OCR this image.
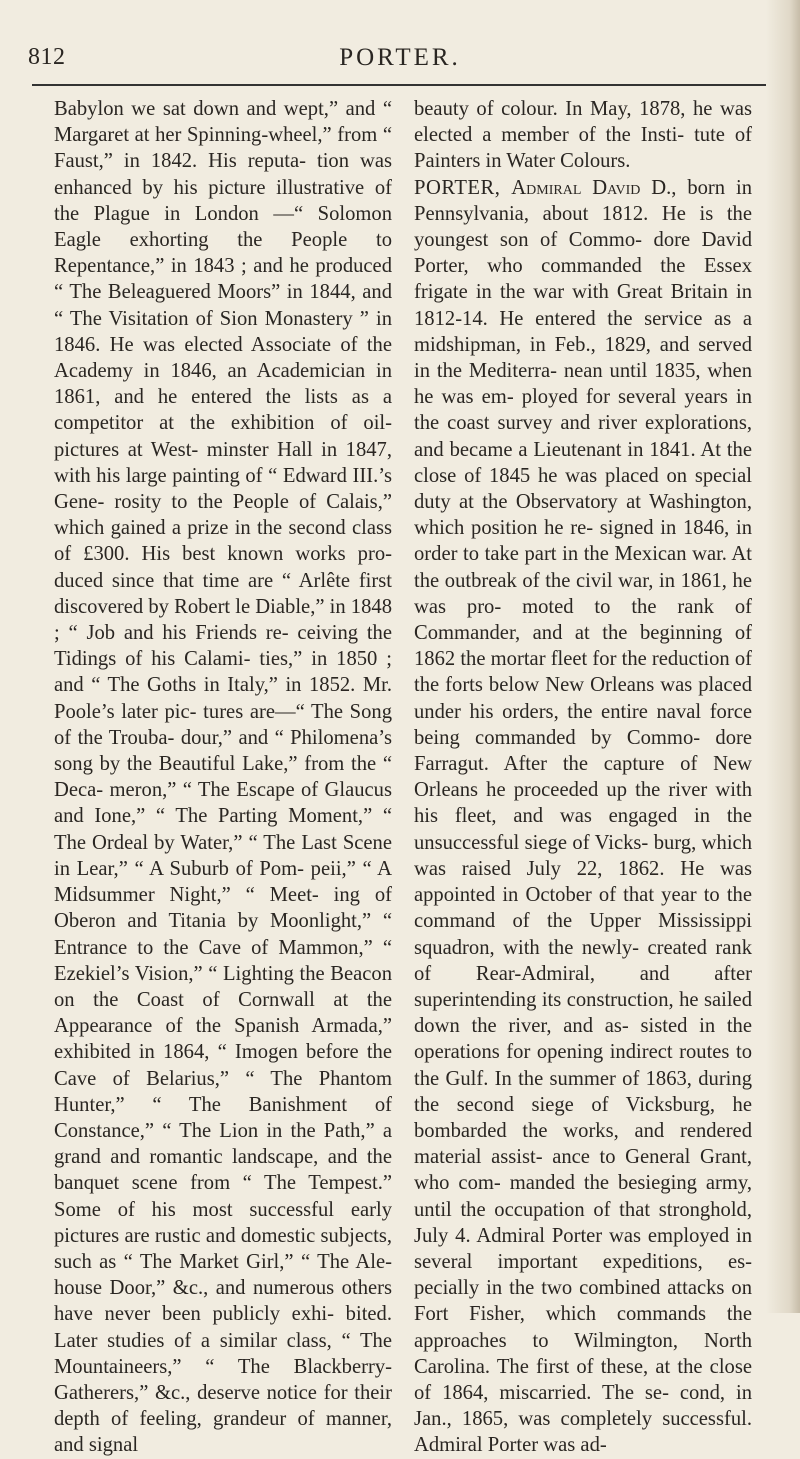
812	PORTER.

Babylon we sat down and wept,” and “ Margaret at her Spinning-wheel,” from “ Faust,” in 1842. His reputa- tion was enhanced by his picture illustrative of the Plague in London —“ Solomon Eagle exhorting the People to Repentance,” in 1843 ; and he produced “ The Beleaguered Moors” in 1844, and “ The Visitation of Sion Monastery ” in 1846. He was elected Associate of the Academy in 1846, an Academician in 1861, and he entered the lists as a competitor at the exhibition of oil-pictures at West- minster Hall in 1847, with his large painting of “ Edward III.’s Gene- rosity to the People of Calais,” which gained a prize in the second class of £300. His best known works pro- duced since that time are “ Arlête first discovered by Robert le Diable,” in 1848 ; “ Job and his Friends re- ceiving the Tidings of his Calami- ties,” in 1850 ; and “ The Goths in Italy,” in 1852. Mr. Poole’s later pic- tures are—“ The Song of the Trouba- dour,” and “ Philomena’s song by the Beautiful Lake,” from the “ Deca- meron,” “ The Escape of Glaucus and Ione,” “ The Parting Moment,” “ The Ordeal by Water,” “ The Last Scene in Lear,” “ A Suburb of Pom- peii,” “ A Midsummer Night,” “ Meet- ing of Oberon and Titania by Moonlight,” “ Entrance to the Cave of Mammon,” “ Ezekiel’s Vision,” “ Lighting the Beacon on the Coast of Cornwall at the Appearance of the Spanish Armada,” exhibited in 1864, “ Imogen before the Cave of Belarius,” “ The Phantom Hunter,” “ The Banishment of Constance,” “ The Lion in the Path,” a grand and romantic landscape, and the banquet scene from “ The Tempest.” Some of his most successful early pictures are rustic and domestic subjects, such as “ The Market Girl,” “ The Ale- house Door,” &c., and numerous others have never been publicly exhi- bited. Later studies of a similar class, “ The Mountaineers,” “ The Blackberry-Gatherers,” &c., deserve notice for their depth of feeling, grandeur of manner, and signal

beauty of colour. In May, 1878, he was elected a member of the Insti- tute of Painters in Water Colours.

PORTER, Admiral David D., born in Pennsylvania, about 1812. He is the youngest son of Commo- dore David Porter, who commanded the Essex frigate in the war with Great Britain in 1812-14. He entered the service as a midshipman, in Feb., 1829, and served in the Mediterra- nean until 1835, when he was em- ployed for several years in the coast survey and river explorations, and became a Lieutenant in 1841. At the close of 1845 he was placed on special duty at the Observatory at Washington, which position he re- signed in 1846, in order to take part in the Mexican war. At the outbreak of the civil war, in 1861, he was pro- moted to the rank of Commander, and at the beginning of 1862 the mortar fleet for the reduction of the forts below New Orleans was placed under his orders, the entire naval force being commanded by Commo- dore Farragut. After the capture of New Orleans he proceeded up the river with his fleet, and was engaged in the unsuccessful siege of Vicks- burg, which was raised July 22, 1862. He was appointed in October of that year to the command of the Upper Mississippi squadron, with the newly- created rank of Rear-Admiral, and after superintending its construction, he sailed down the river, and as- sisted in the operations for opening indirect routes to the Gulf. In the summer of 1863, during the second siege of Vicksburg, he bombarded the works, and rendered material assist- ance to General Grant, who com- manded the besieging army, until the occupation of that stronghold, July 4. Admiral Porter was employed in several important expeditions, es- pecially in the two combined attacks on Fort Fisher, which commands the approaches to Wilmington, North Carolina. The first of these, at the close of 1864, miscarried. The se- cond, in Jan., 1865, was completely successful. Admiral Porter was ad-
